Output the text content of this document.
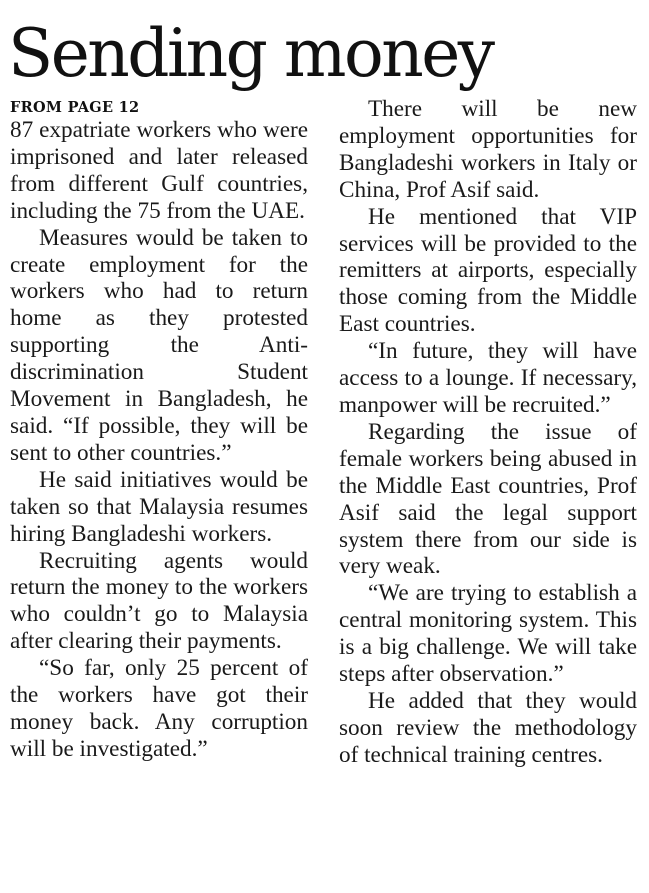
Sending money
FROM PAGE 12

87 expatriate workers who were imprisoned and later released from different Gulf countries, including the 75 from the UAE.

Measures would be taken to create employment for the workers who had to return home as they protested supporting the Anti-discrimination Student Movement in Bangladesh, he said. “If possible, they will be sent to other countries.”

He said initiatives would be taken so that Malaysia resumes hiring Bangladeshi workers.

Recruiting agents would return the money to the workers who couldn’t go to Malaysia after clearing their payments.

“So far, only 25 percent of the workers have got their money back. Any corruption will be investigated.”

There will be new employment opportunities for Bangladeshi workers in Italy or China, Prof Asif said.

He mentioned that VIP services will be provided to the remitters at airports, especially those coming from the Middle East countries.

“In future, they will have access to a lounge. If necessary, manpower will be recruited.”

Regarding the issue of female workers being abused in the Middle East countries, Prof Asif said the legal support system there from our side is very weak.

“We are trying to establish a central monitoring system. This is a big challenge. We will take steps after observation.”

He added that they would soon review the methodology of technical training centres.
